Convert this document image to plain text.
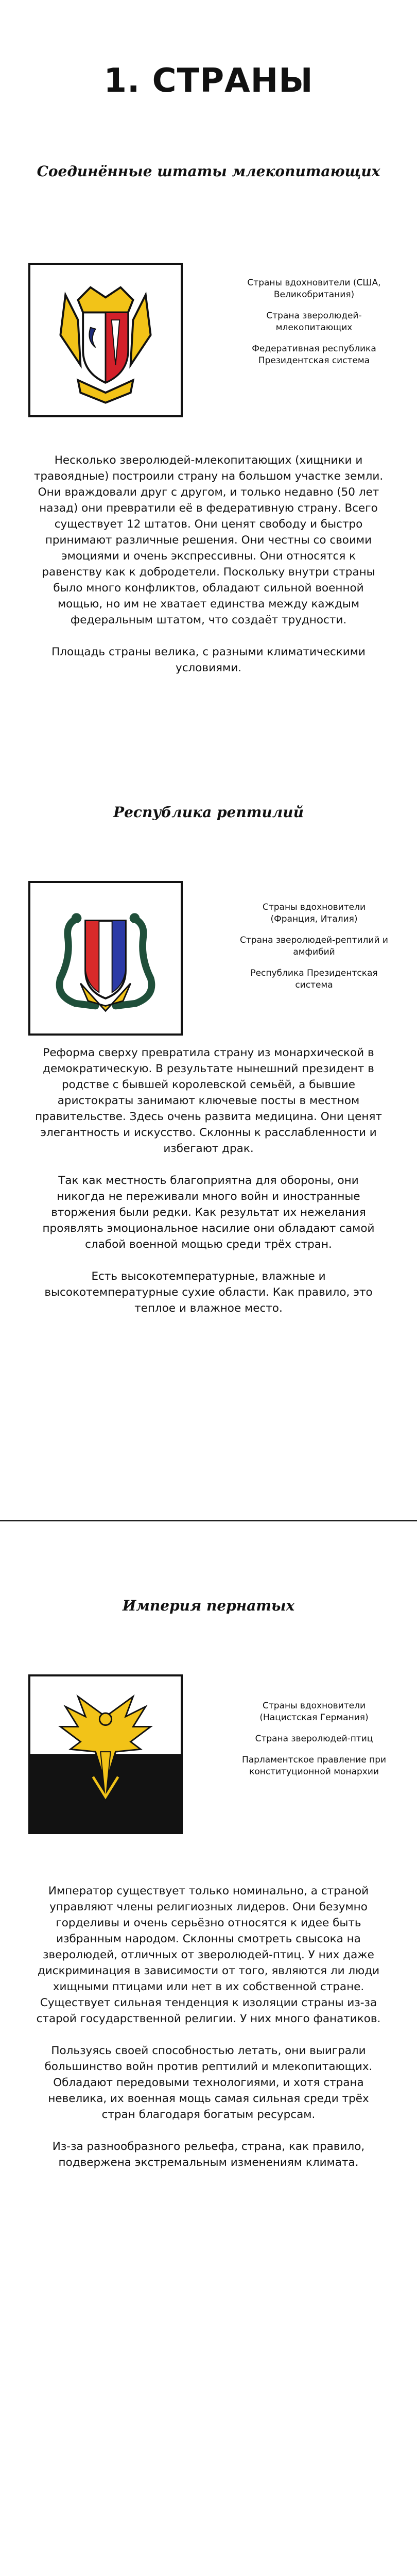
1. СТРАНЫ
Соединённые штаты млекопитающих

Страны вдохновители (США, Великобритания)

Страна зверолюдей-млекопитающих

Федеративная республика Президентская система

Несколько зверолюдей-млекопитающих (хищники и травоядные) построили страну на большом участке земли. Они враждовали друг с другом, и только недавно (50 лет назад) они превратили её в федеративную страну. Всего существует 12 штатов. Они ценят свободу и быстро принимают различные решения. Они честны со своими эмоциями и очень экспрессивны. Они относятся к равенству как к добродетели. Поскольку внутри страны было много конфликтов, обладают сильной военной мощью, но им не хватает единства между каждым федеральным штатом, что создаёт трудности.

Площадь страны велика, с разными климатическими условиями.

Республика рептилий

Страны вдохновители (Франция, Италия)

Страна зверолюдей-рептилий и амфибий

Республика Президентская система

Реформа сверху превратила страну из монархической в демократическую. В результате нынешний президент в родстве с бывшей королевской семьёй, а бывшие аристократы занимают ключевые посты в местном правительстве. Здесь очень развита медицина. Они ценят элегантность и искусство. Склонны к расслабленности и избегают драк.

Так как местность благоприятна для обороны, они никогда не переживали много войн и иностранные вторжения были редки. Как результат их нежелания проявлять эмоциональное насилие они обладают самой слабой военной мощью среди трёх стран.

Есть высокотемпературные, влажные и высокотемпературные сухие области. Как правило, это теплое и влажное место.

Империя пернатых

Страны вдохновители (Нацистская Германия)

Страна зверолюдей-птиц

Парламентское правление при конституционной монархии

Император существует только номинально, а страной управляют члены религиозных лидеров. Они безумно горделивы и очень серьёзно относятся к идее быть избранным народом. Склонны смотреть свысока на зверолюдей, отличных от зверолюдей-птиц. У них даже дискриминация в зависимости от того, являются ли люди хищными птицами или нет в их собственной стране. Существует сильная тенденция к изоляции страны из-за старой государственной религии. У них много фанатиков.

Пользуясь своей способностью летать, они выиграли большинство войн против рептилий и млекопитающих. Обладают передовыми технологиями, и хотя страна невелика, их военная мощь самая сильная среди трёх стран благодаря богатым ресурсам.

Из-за разнообразного рельефа, страна, как правило, подвержена экстремальным изменениям климата.
